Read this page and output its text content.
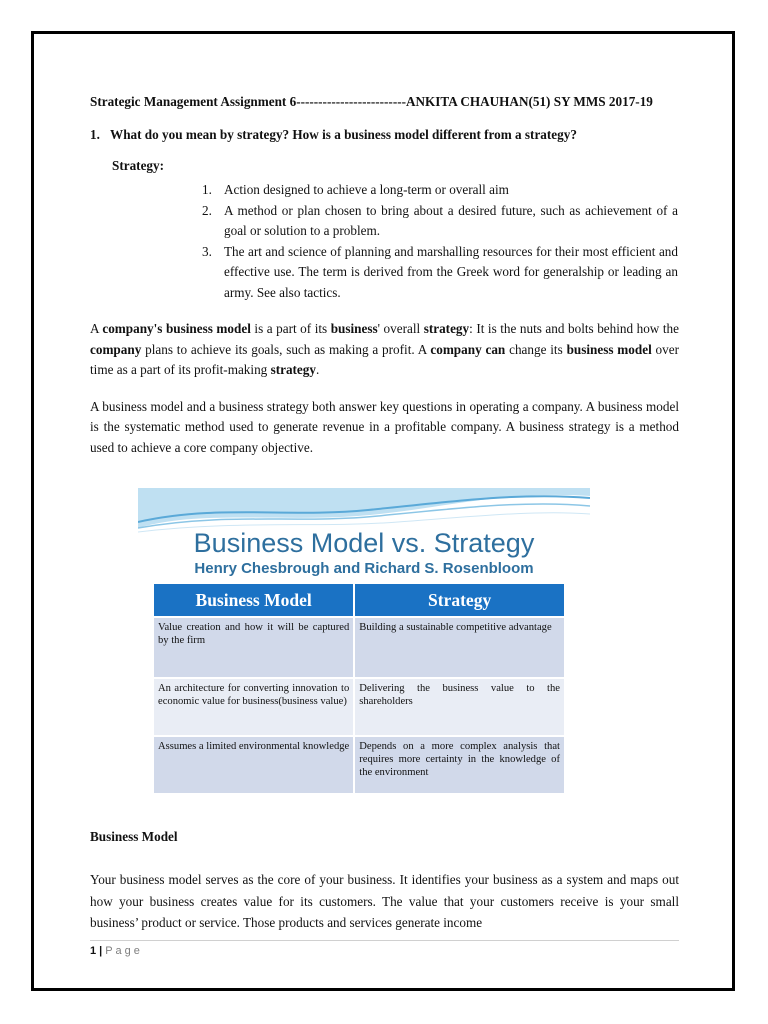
Strategic Management Assignment 6-------------------------ANKITA CHAUHAN(51) SY MMS 2017-19

1. What do you mean by strategy? How is a business model different from a strategy?
Strategy:
1. Action designed to achieve a long-term or overall aim
2. A method or plan chosen to bring about a desired future, such as achievement of a goal or solution to a problem.
3. The art and science of planning and marshalling resources for their most efficient and effective use. The term is derived from the Greek word for generalship or leading an army. See also tactics.

A company's business model is a part of its business' overall strategy: It is the nuts and bolts behind how the company plans to achieve its goals, such as making a profit. A company can change its business model over time as a part of its profit-making strategy.

A business model and a business strategy both answer key questions in operating a company. A business model is the systematic method used to generate revenue in a profitable company. A business strategy is a method used to achieve a core company objective.

Business Model vs. Strategy
Henry Chesbrough and Richard S. Rosenbloom
Business Model	Strategy
Value creation and how it will be captured by the firm	Building a sustainable competitive advantage
An architecture for converting innovation to economic value for business(business value)	Delivering the business value to the shareholders
Assumes a limited environmental knowledge	Depends on a more complex analysis that requires more certainty in the knowledge of the environment
Business Model

Your business model serves as the core of your business. It identifies your business as a system and maps out how your business creates value for its customers. The value that your customers receive is your small business’ product or service. Those products and services generate income

1 | Page
